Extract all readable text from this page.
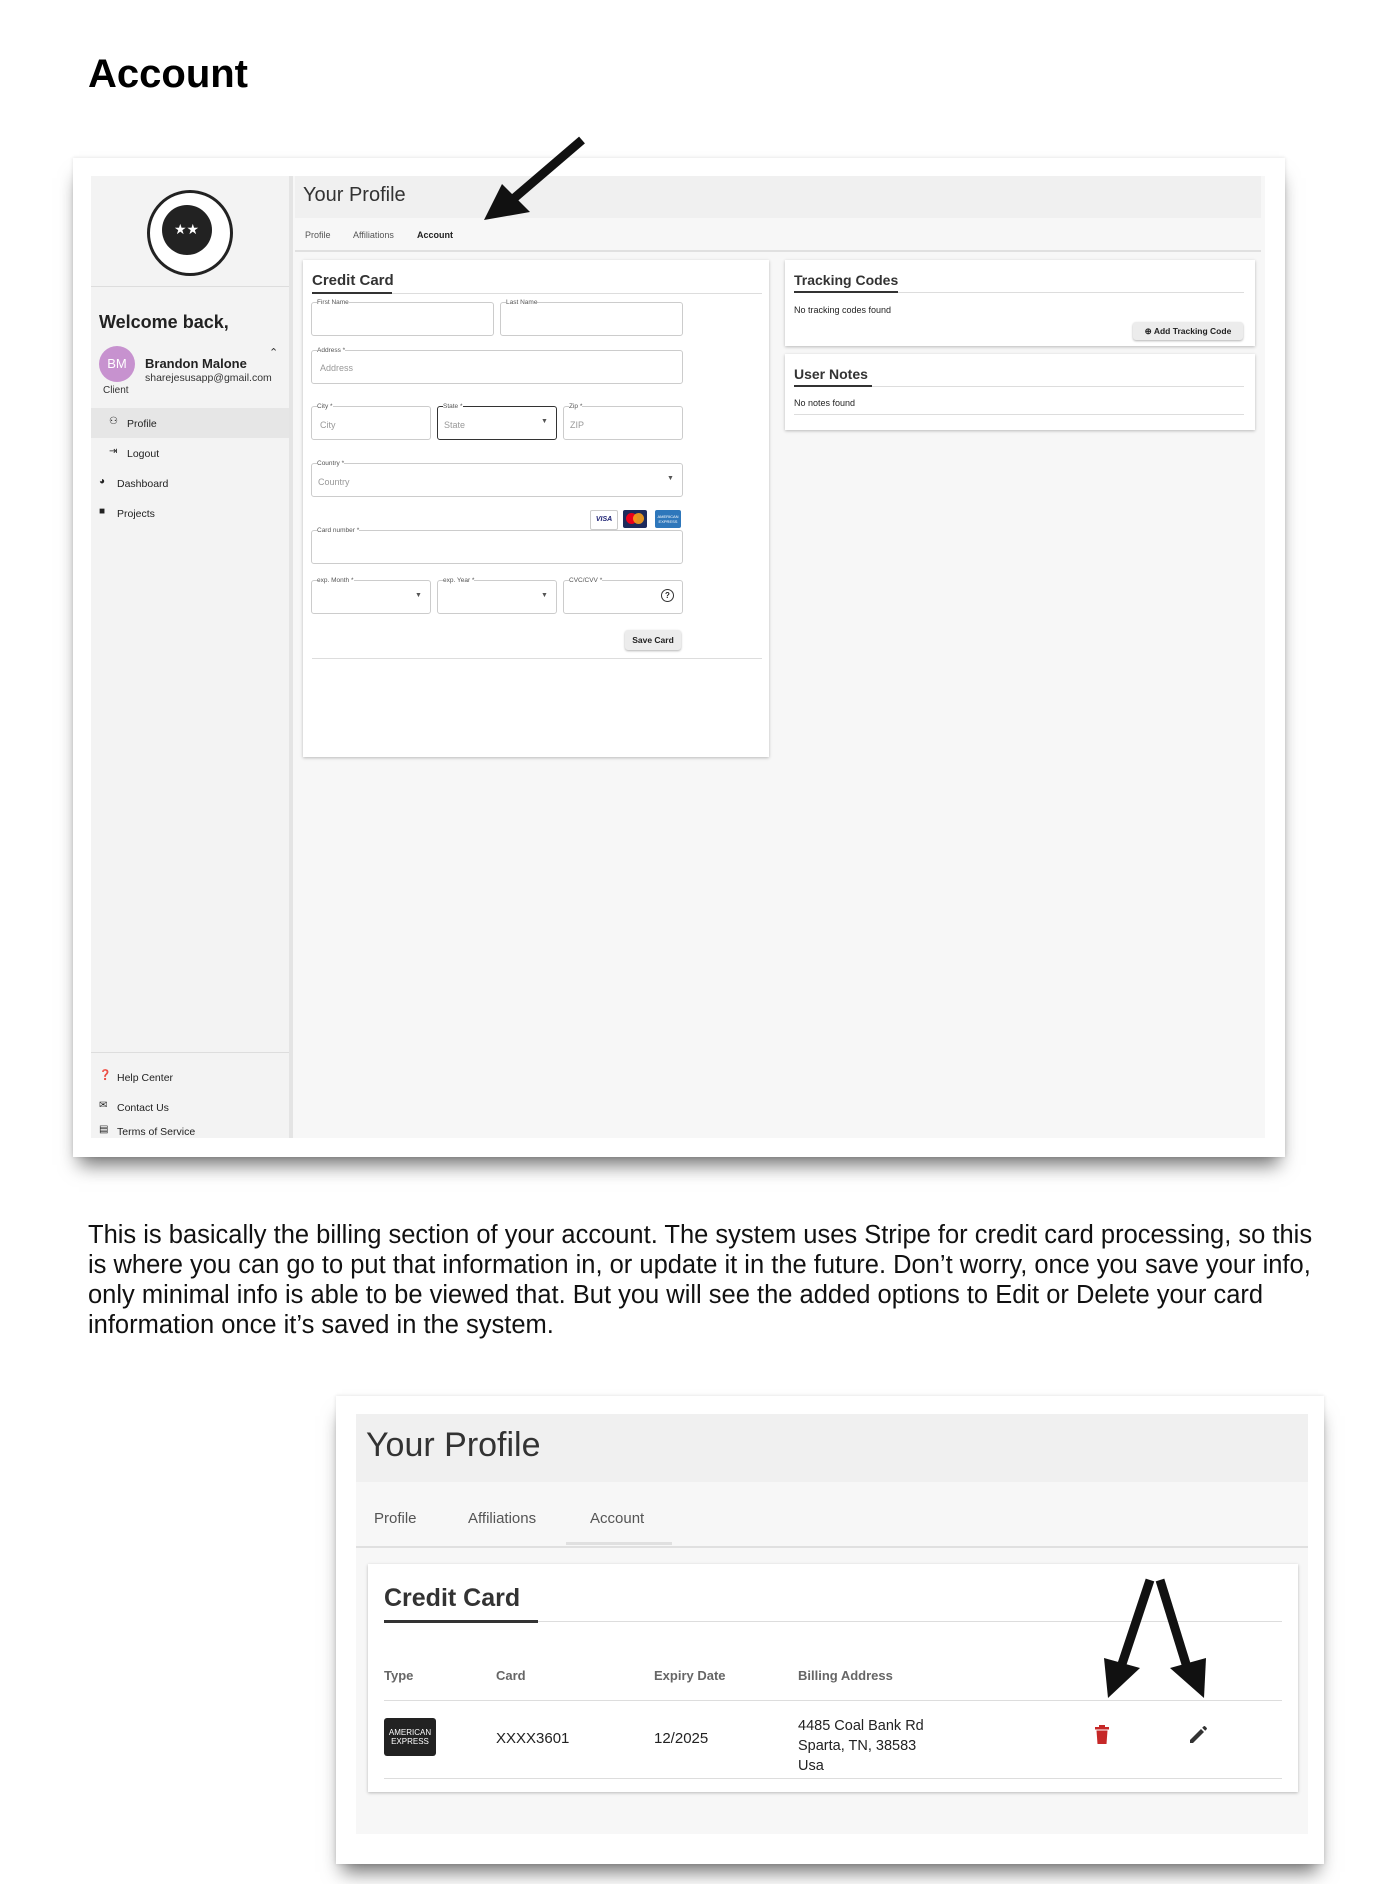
Account
★★
Welcome back,
BM	Brandon Malone
sharejesusapp@gmail.com
Client
⌃
⚇ Profile
⇥ Logout
◕ Dashboard
■ Projects
❓ Help Center
✉ Contact Us
▤ Terms of Service
Your Profile
Profile Affiliations	Account
Credit Card
First Name	Last Name
Address *
Address
City *
City
State *
State	▼
Zip *
ZIP
Country *
Country	▼
VISA	AMERICAN EXPRESS
Card number *
exp. Month *
▼
exp. Year *
▼
CVC/CVV *
?
Save Card
Tracking Codes
No tracking codes found
⊕ Add Tracking Code
User Notes
No notes found

This is basically the billing section of your account. The system uses Stripe for credit card processing, so this is where you can go to put that information in, or update it in the future. Don’t worry, once you save your info, only minimal info is able to be viewed that. But you will see the added options to Edit or Delete your card information once it’s saved in the system.

Your Profile
Profile	Affiliations	Account
Credit Card
Type	Card	Expiry Date	Billing Address
AMERICAN EXPRESS	XXXX3601	12/2025
4485 Coal Bank Rd
Sparta, TN, 38583
Usa
